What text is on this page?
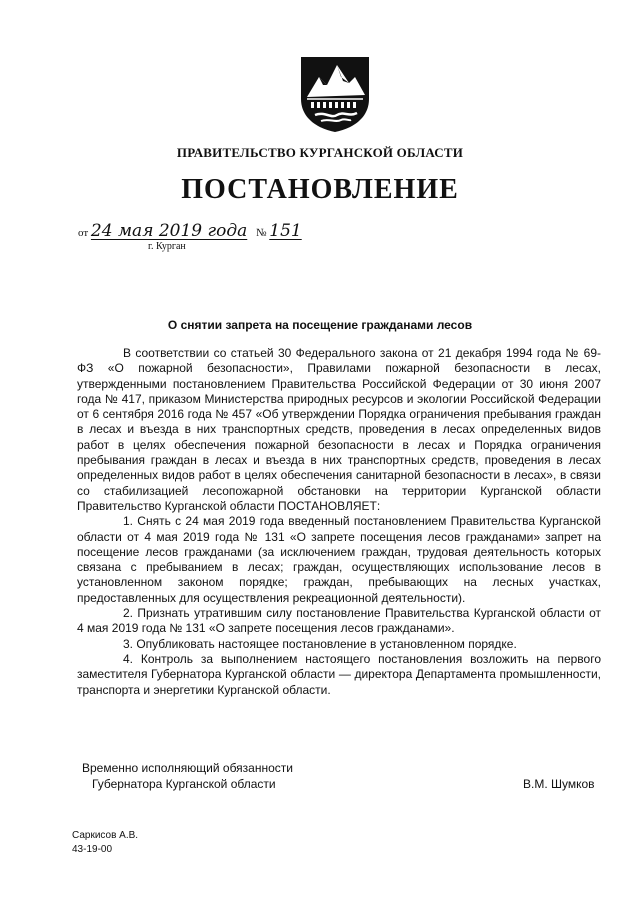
ПРАВИТЕЛЬСТВО КУРГАНСКОЙ ОБЛАСТИ
ПОСТАНОВЛЕНИЕ
от 24 мая 2019 года № 151
г. Курган
О снятии запрета на посещение гражданами лесов

В соответствии со статьей 30 Федерального закона от 21 декабря 1994 года № 69-ФЗ «О пожарной безопасности», Правилами пожарной безопасности в лесах, утвержденными постановлением Правительства Российской Федерации от 30 июня 2007 года № 417, приказом Министерства природных ресурсов и экологии Российской Федерации от 6 сентября 2016 года № 457 «Об утверждении Порядка ограничения пребывания граждан в лесах и въезда в них транспортных средств, проведения в лесах определенных видов работ в целях обеспечения пожарной безопасности в лесах и Порядка ограничения пребывания граждан в лесах и въезда в них транспортных средств, проведения в лесах определенных видов работ в целях обеспечения санитарной безопасности в лесах», в связи со стабилизацией лесопожарной обстановки на территории Курганской области Правительство Курганской области ПОСТАНОВЛЯЕТ:

1. Снять с 24 мая 2019 года введенный постановлением Правительства Курганской области от 4 мая 2019 года № 131 «О запрете посещения лесов гражданами» запрет на посещение лесов гражданами (за исключением граждан, трудовая деятельность которых связана с пребыванием в лесах; граждан, осуществляющих использование лесов в установленном законом порядке; граждан, пребывающих на лесных участках, предоставленных для осуществления рекреационной деятельности).

2. Признать утратившим силу постановление Правительства Курганской области от 4 мая 2019 года № 131 «О запрете посещения лесов гражданами».

3. Опубликовать настоящее постановление в установленном порядке.

4. Контроль за выполнением настоящего постановления возложить на первого заместителя Губернатора Курганской области — директора Департамента промышленности, транспорта и энергетики Курганской области.

Временно исполняющий обязанности
Губернатора Курганской области	В.М. Шумков
Саркисов А.В.
43-19-00
